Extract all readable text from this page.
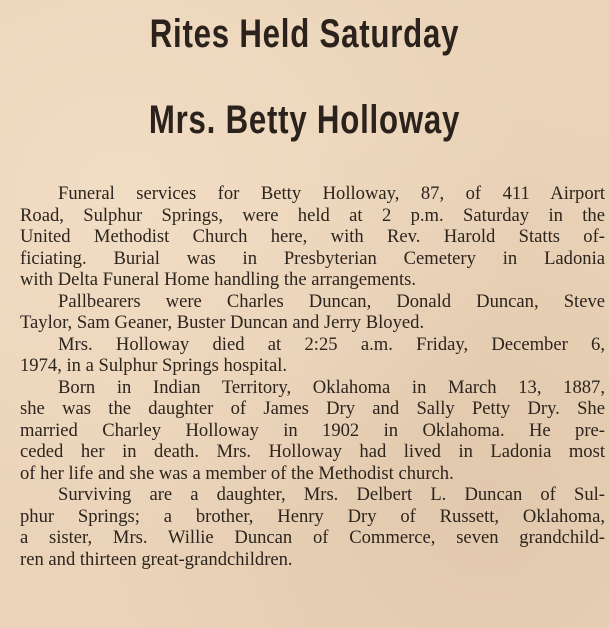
Rites Held Saturday
Mrs. Betty Holloway
Funeral services for Betty Holloway, 87, of 411 Airport
Road, Sulphur Springs, were held at 2 p.m. Saturday in the
United Methodist Church here, with Rev. Harold Statts of-
ficiating. Burial was in Presbyterian Cemetery in Ladonia
with Delta Funeral Home handling the arrangements.
Pallbearers were Charles Duncan, Donald Duncan, Steve
Taylor, Sam Geaner, Buster Duncan and Jerry Bloyed.
Mrs. Holloway died at 2:25 a.m. Friday, December 6,
1974, in a Sulphur Springs hospital.
Born in Indian Territory, Oklahoma in March 13, 1887,
she was the daughter of James Dry and Sally Petty Dry. She
married Charley Holloway in 1902 in Oklahoma. He pre-
ceded her in death. Mrs. Holloway had lived in Ladonia most
of her life and she was a member of the Methodist church.
Surviving are a daughter, Mrs. Delbert L. Duncan of Sul-
phur Springs; a brother, Henry Dry of Russett, Oklahoma,
a sister, Mrs. Willie Duncan of Commerce, seven grandchild-
ren and thirteen great-grandchildren.
